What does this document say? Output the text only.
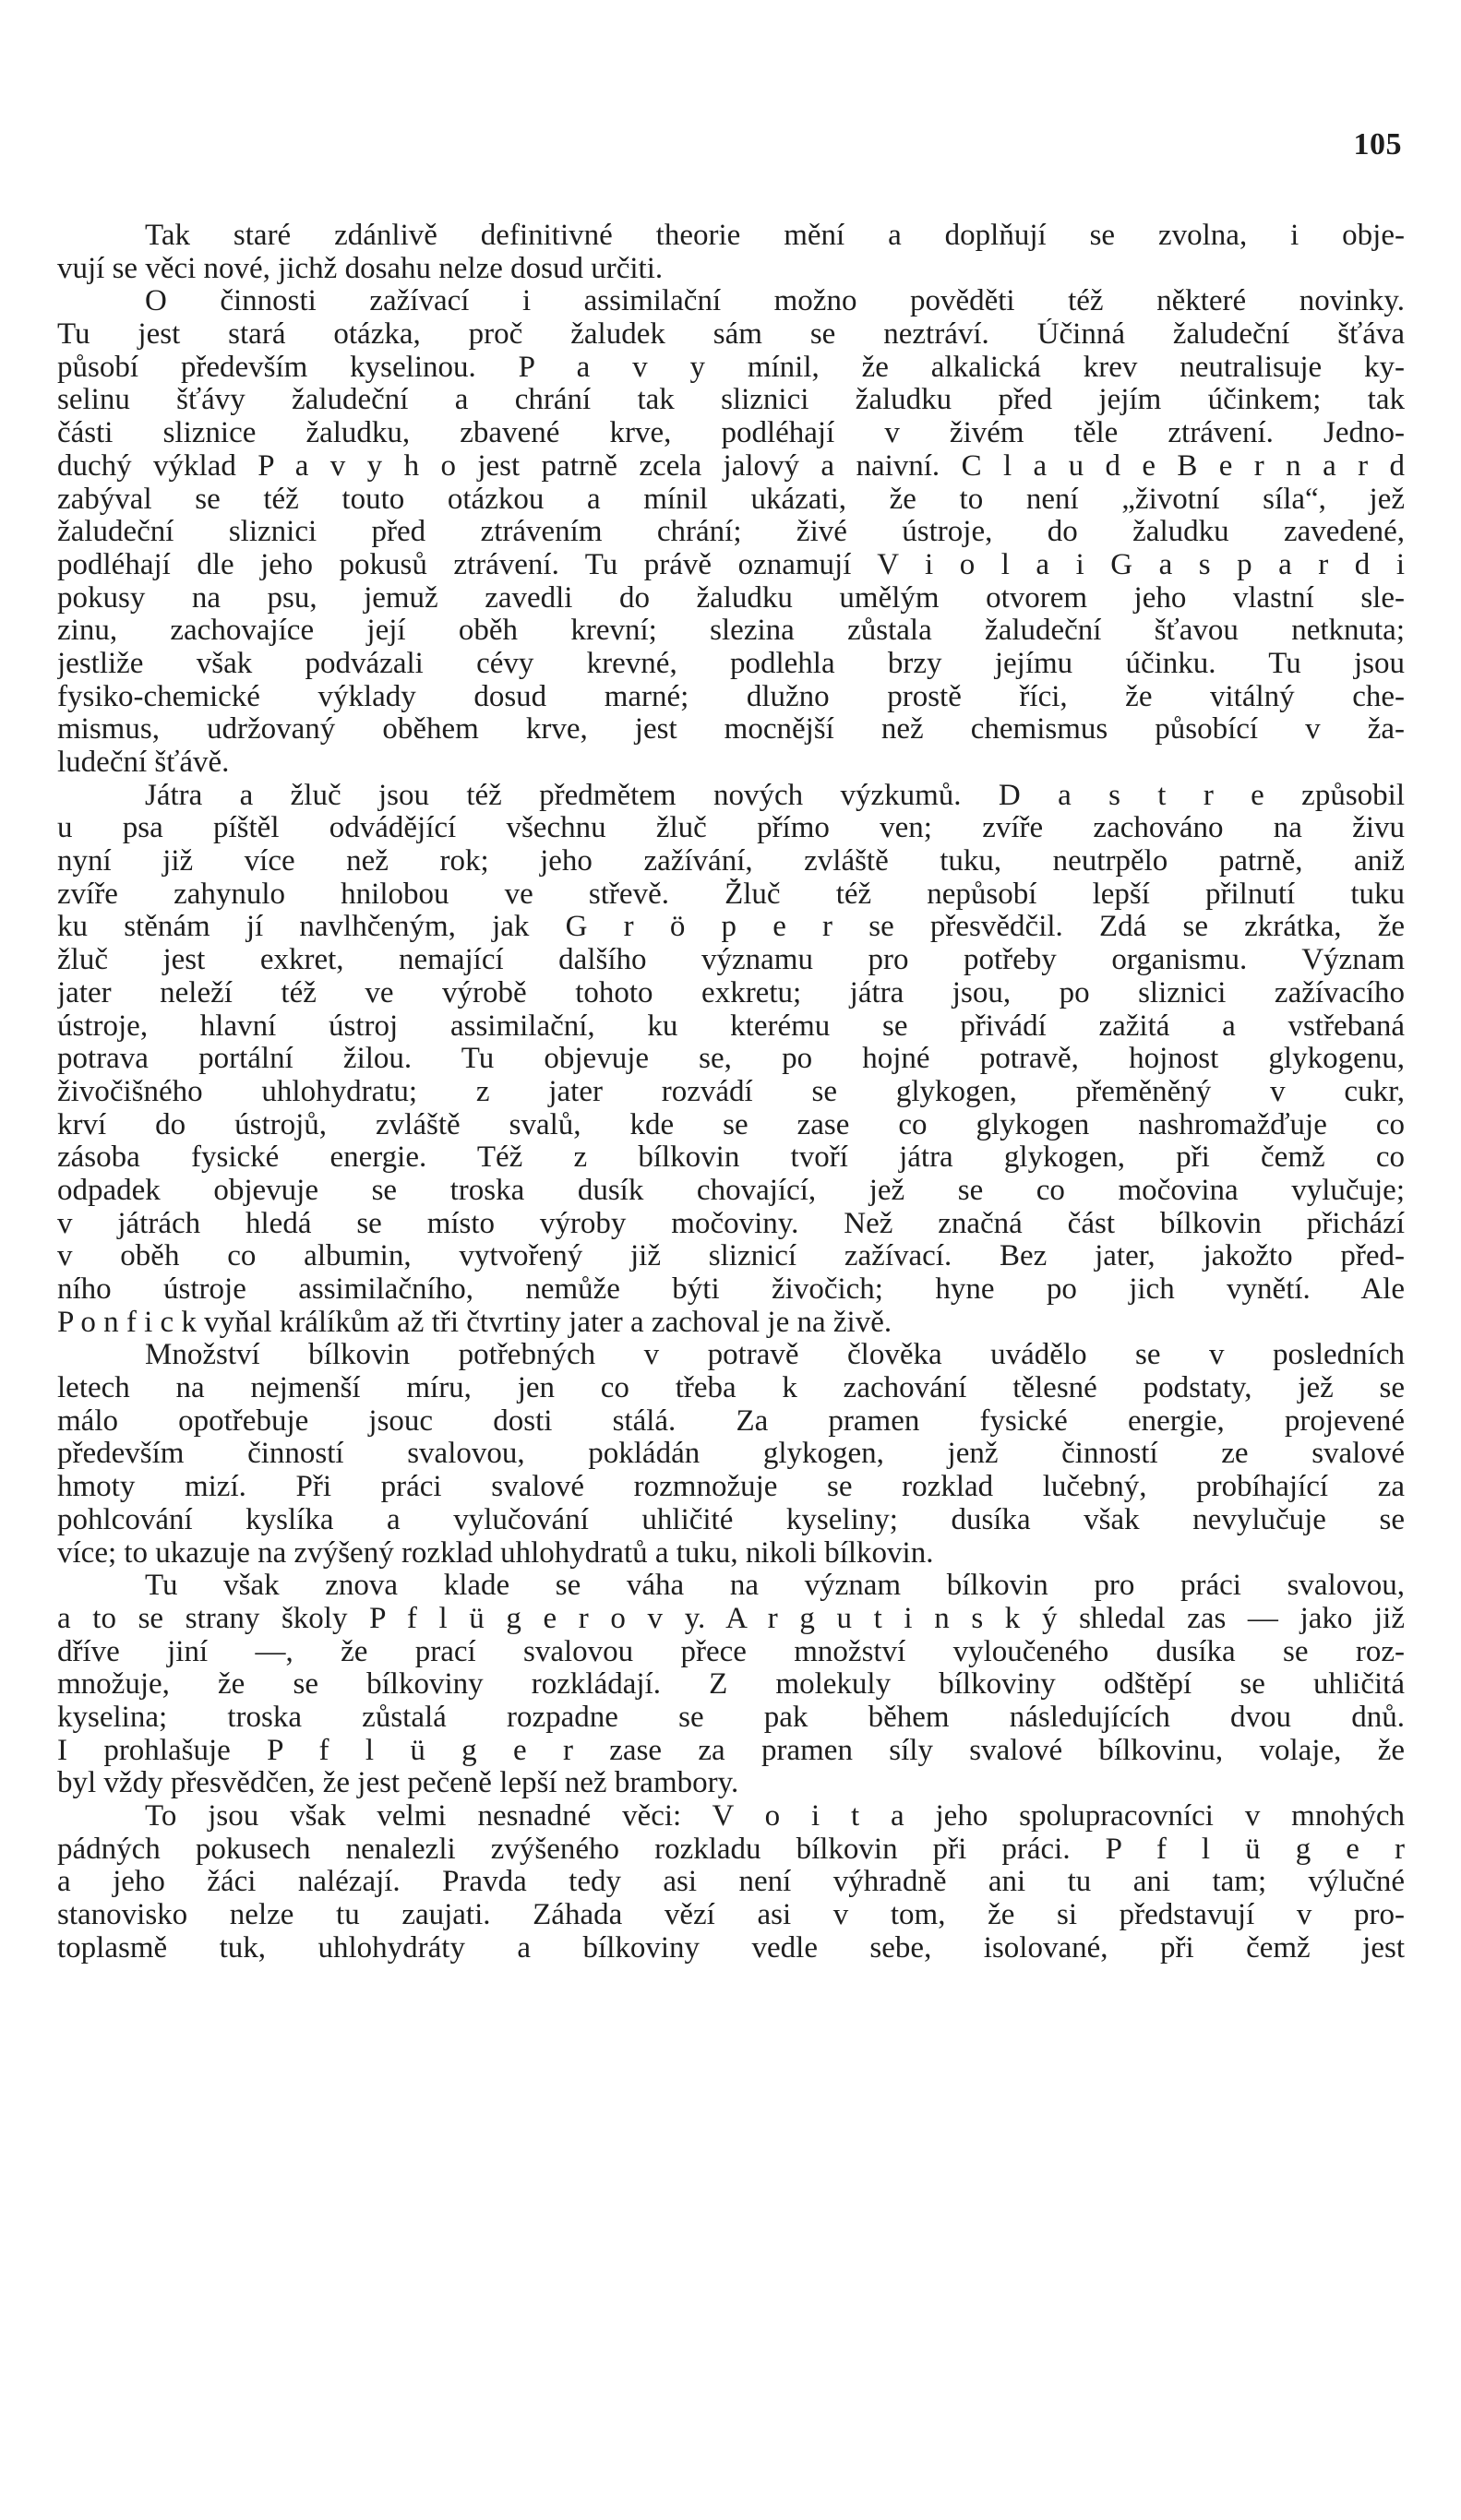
105
Tak staré zdánlivě definitivné theorie mění a doplňují se zvolna, i obje-
vují se věci nové, jichž dosahu nelze dosud určiti.
O činnosti zažívací i assimilační možno pověděti též některé novinky.
Tu jest stará otázka, proč žaludek sám se neztráví. Účinná žaludeční šťáva
působí především kyselinou. P a v y mínil, že alkalická krev neutralisuje ky-
selinu šťávy žaludeční a chrání tak sliznici žaludku před jejím účinkem; tak
části sliznice žaludku, zbavené krve, podléhají v živém těle ztrávení. Jedno-
duchý výklad P a v y h o jest patrně zcela jalový a naivní. C l a u d e B e r n a r d
zabýval se též touto otázkou a mínil ukázati, že to není „životní síla“, jež
žaludeční sliznici před ztrávením chrání; živé ústroje, do žaludku zavedené,
podléhají dle jeho pokusů ztrávení. Tu právě oznamují V i o l a i G a s p a r d i
pokusy na psu, jemuž zavedli do žaludku umělým otvorem jeho vlastní sle-
zinu, zachovajíce její oběh krevní; slezina zůstala žaludeční šťavou netknuta;
jestliže však podvázali cévy krevné, podlehla brzy jejímu účinku. Tu jsou
fysiko-chemické výklady dosud marné; dlužno prostě říci, že vitálný che-
mismus, udržovaný oběhem krve, jest mocnější než chemismus působící v ža-
ludeční šťávě.
Játra a žluč jsou též předmětem nových výzkumů. D a s t r e způsobil
u psa píštěl odvádějící všechnu žluč přímo ven; zvíře zachováno na živu
nyní již více než rok; jeho zažívání, zvláště tuku, neutrpělo patrně, aniž
zvíře zahynulo hnilobou ve střevě. Žluč též nepůsobí lepší přilnutí tuku
ku stěnám jí navlhčeným, jak G r ö p e r se přesvědčil. Zdá se zkrátka, že
žluč jest exkret, nemající dalšího významu pro potřeby organismu. Význam
jater neleží též ve výrobě tohoto exkretu; játra jsou, po sliznici zažívacího
ústroje, hlavní ústroj assimilační, ku kterému se přivádí zažitá a vstřebaná
potrava portální žilou. Tu objevuje se, po hojné potravě, hojnost glykogenu,
živočišného uhlohydratu; z jater rozvádí se glykogen, přeměněný v cukr,
krví do ústrojů, zvláště svalů, kde se zase co glykogen nashromažďuje co
zásoba fysické energie. Též z bílkovin tvoří játra glykogen, při čemž co
odpadek objevuje se troska dusík chovající, jež se co močovina vylučuje;
v játrách hledá se místo výroby močoviny. Než značná část bílkovin přichází
v oběh co albumin, vytvořený již sliznicí zažívací. Bez jater, jakožto před-
ního ústroje assimilačního, nemůže býti živočich; hyne po jich vynětí. Ale
P o n f i c k vyňal králíkům až tři čtvrtiny jater a zachoval je na živě.
Množství bílkovin potřebných v potravě člověka uvádělo se v posledních
letech na nejmenší míru, jen co třeba k zachování tělesné podstaty, jež se
málo opotřebuje jsouc dosti stálá. Za pramen fysické energie, projevené
především činností svalovou, pokládán glykogen, jenž činností ze svalové
hmoty mizí. Při práci svalové rozmnožuje se rozklad lučebný, probíhající za
pohlcování kyslíka a vylučování uhličité kyseliny; dusíka však nevylučuje se
více; to ukazuje na zvýšený rozklad uhlohydratů a tuku, nikoli bílkovin.
Tu však znova klade se váha na význam bílkovin pro práci svalovou,
a to se strany školy P f l ü g e r o v y. A r g u t i n s k ý shledal zas — jako již
dříve jiní —, že prací svalovou přece množství vyloučeného dusíka se roz-
množuje, že se bílkoviny rozkládají. Z molekuly bílkoviny odštěpí se uhličitá
kyselina; troska zůstalá rozpadne se pak během následujících dvou dnů.
I prohlašuje P f l ü g e r zase za pramen síly svalové bílkovinu, volaje, že
byl vždy přesvědčen, že jest pečeně lepší než brambory.
To jsou však velmi nesnadné věci: V o i t a jeho spolupracovníci v mnohých
pádných pokusech nenalezli zvýšeného rozkladu bílkovin při práci. P f l ü g e r
a jeho žáci nalézají. Pravda tedy asi není výhradně ani tu ani tam; výlučné
stanovisko nelze tu zaujati. Záhada vězí asi v tom, že si představují v pro-
toplasmě tuk, uhlohydráty a bílkoviny vedle sebe, isolované, při čemž jest
